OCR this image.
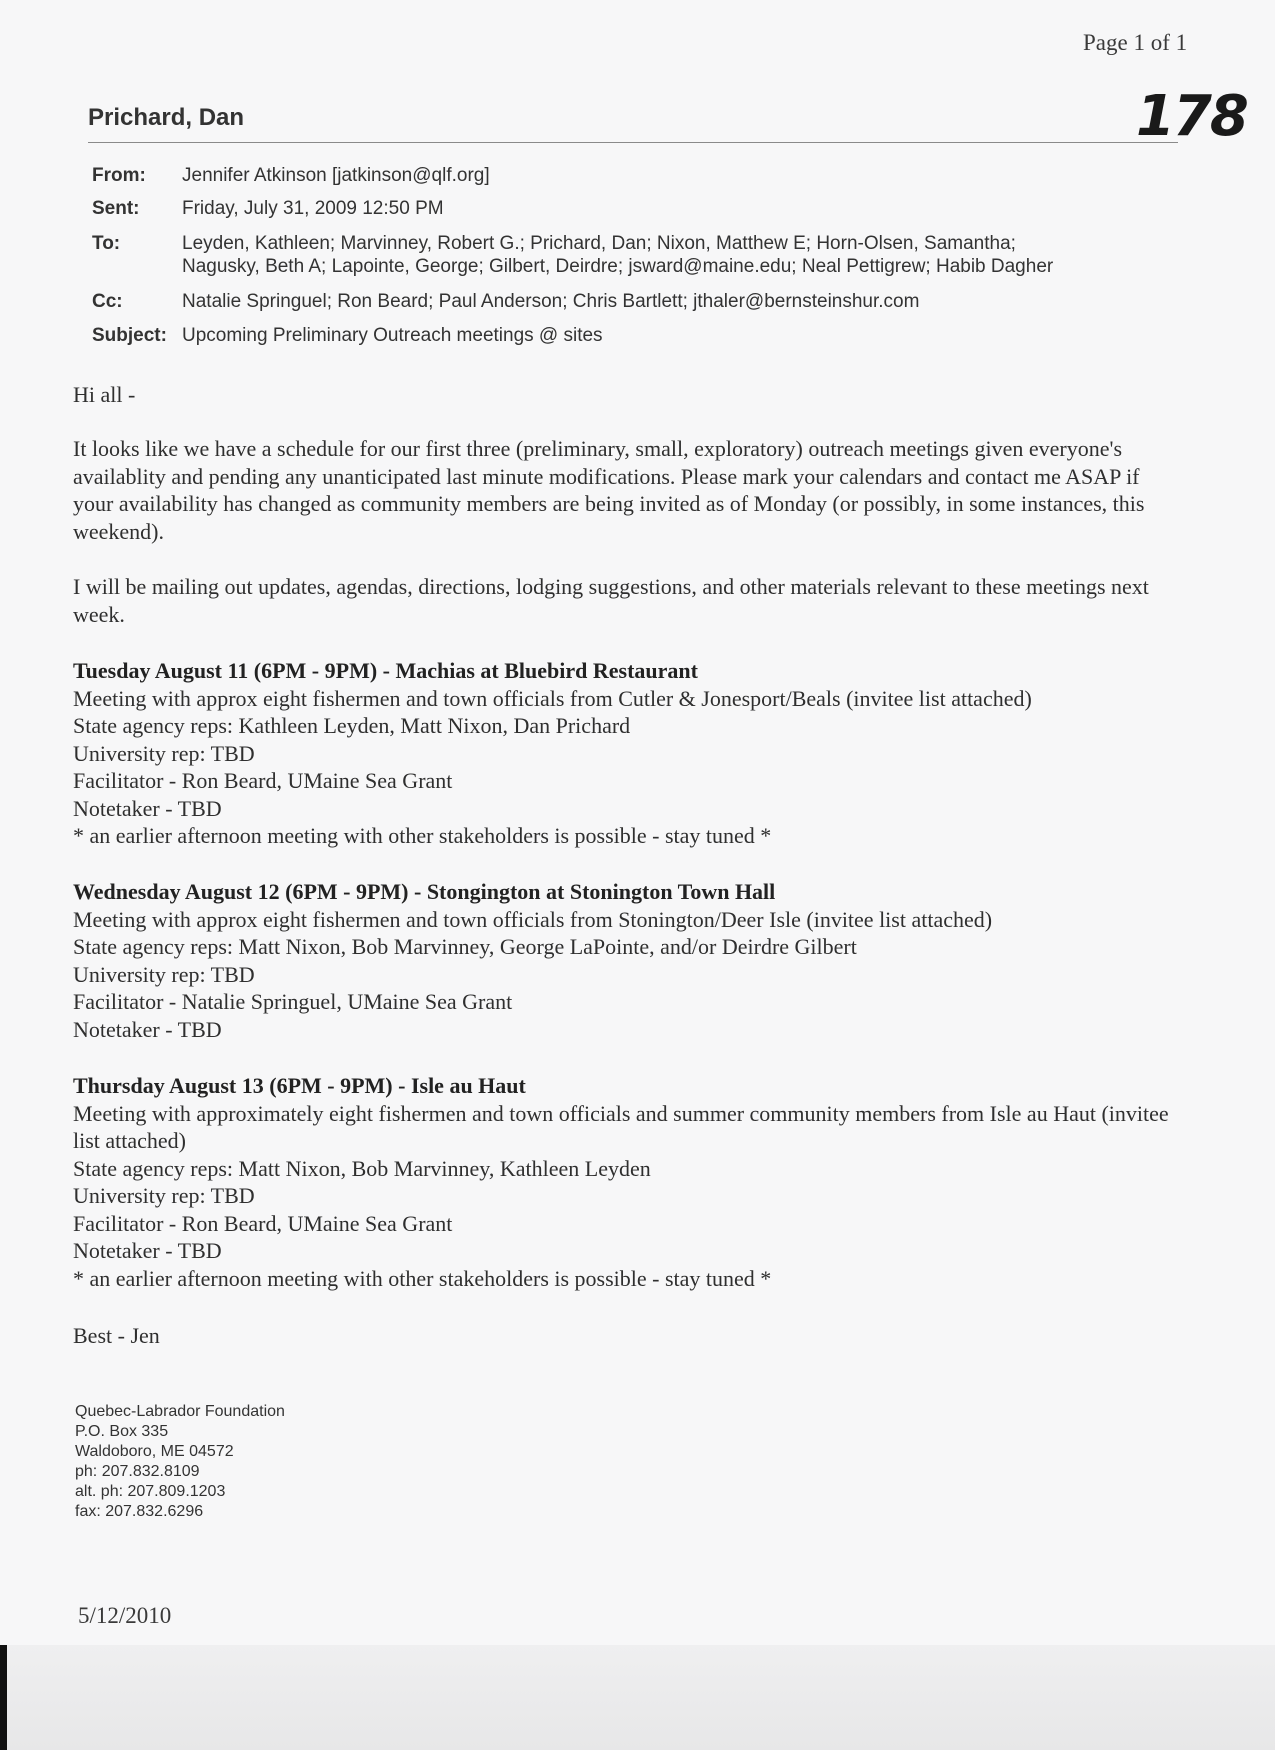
Page 1 of 1
178
Prichard, Dan
From:	Jennifer Atkinson [jatkinson@qlf.org]
Sent:	Friday, July 31, 2009 12:50 PM
To:	Leyden, Kathleen; Marvinney, Robert G.; Prichard, Dan; Nixon, Matthew E; Horn-Olsen, Samantha;
Nagusky, Beth A; Lapointe, George; Gilbert, Deirdre; jsward@maine.edu; Neal Pettigrew; Habib Dagher
Cc:	Natalie Springuel; Ron Beard; Paul Anderson; Chris Bartlett; jthaler@bernsteinshur.com
Subject: Upcoming Preliminary Outreach meetings @ sites
Hi all -
It looks like we have a schedule for our first three (preliminary, small, exploratory) outreach meetings given everyone's availablity and pending any unanticipated last minute modifications. Please mark your calendars and contact me ASAP if your availability has changed as community members are being invited as of Monday (or possibly, in some instances, this weekend).
I will be mailing out updates, agendas, directions, lodging suggestions, and other materials relevant to these meetings next week.

Tuesday August 11 (6PM - 9PM) - Machias at Bluebird Restaurant

Meeting with approx eight fishermen and town officials from Cutler & Jonesport/Beals (invitee list attached)

State agency reps: Kathleen Leyden, Matt Nixon, Dan Prichard

University rep: TBD

Facilitator - Ron Beard, UMaine Sea Grant

Notetaker - TBD

* an earlier afternoon meeting with other stakeholders is possible - stay tuned *

Wednesday August 12 (6PM - 9PM) - Stongington at Stonington Town Hall

Meeting with approx eight fishermen and town officials from Stonington/Deer Isle (invitee list attached)

State agency reps: Matt Nixon, Bob Marvinney, George LaPointe, and/or Deirdre Gilbert

University rep: TBD

Facilitator - Natalie Springuel, UMaine Sea Grant

Notetaker - TBD

Thursday August 13 (6PM - 9PM) - Isle au Haut

Meeting with approximately eight fishermen and town officials and summer community members from Isle au Haut (invitee list attached)

State agency reps: Matt Nixon, Bob Marvinney, Kathleen Leyden

University rep: TBD

Facilitator - Ron Beard, UMaine Sea Grant

Notetaker - TBD

* an earlier afternoon meeting with other stakeholders is possible - stay tuned *

Best - Jen
Quebec-Labrador Foundation
P.O. Box 335
Waldoboro, ME 04572
ph: 207.832.8109
alt. ph: 207.809.1203
fax: 207.832.6296
5/12/2010
